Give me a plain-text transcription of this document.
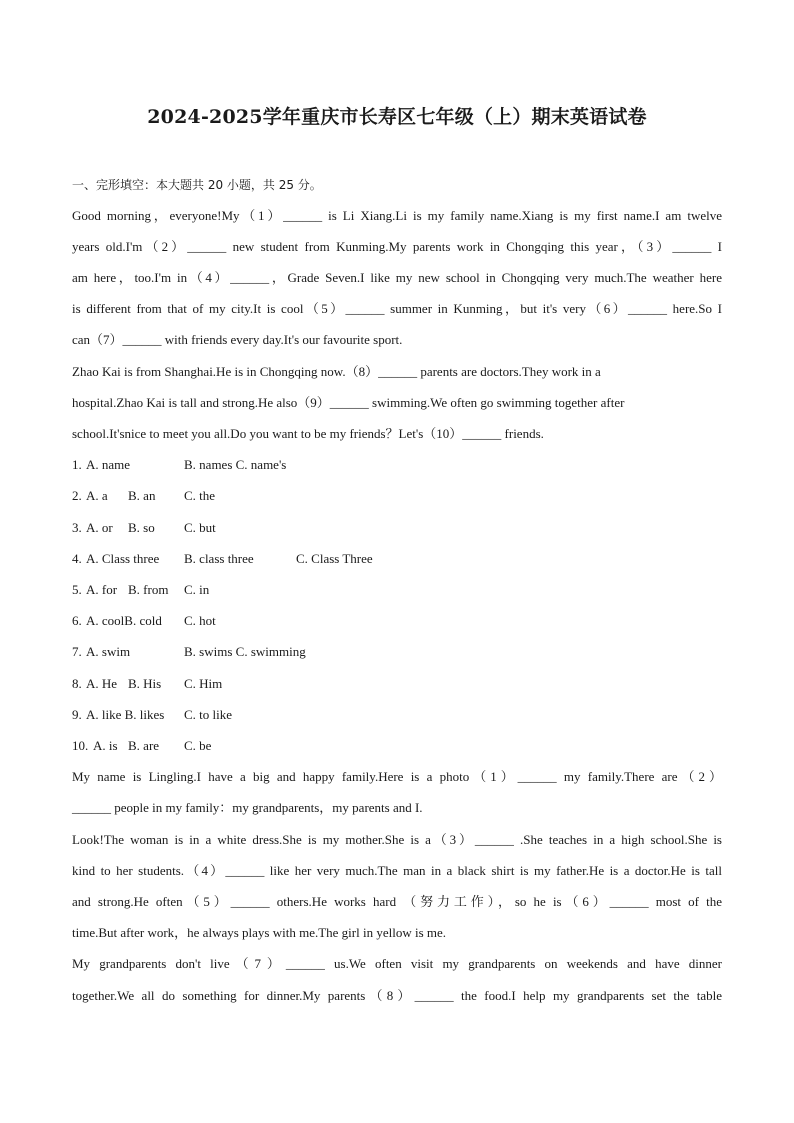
2024-2025学年重庆市长寿区七年级（上）期末英语试卷
一、完形填空：本大题共 20 小题，共 25 分。
Good morning，everyone!My（1）______ is Li Xiang.Li is my family name.Xiang is my first name.I am twelve
years old.I'm（2）______ new student from Kunming.My parents work in Chongqing this year，（3）______ I
am here，too.I'm in（4）______，Grade Seven.I like my new school in Chongqing very much.The weather here
is different from that of my city.It is cool（5）______ summer in Kunming，but it's very（6）______ here.So I
can（7）______ with friends every day.It's our favourite sport.
Zhao Kai is from Shanghai.He is in Chongqing now.（8）______ parents are doctors.They work in a
hospital.Zhao Kai is tall and strong.He also（9）______ swimming.We often go swimming together after
school.It'snice to meet you all.Do you want to be my friends？Let's（10）______ friends.
1. A. name	B. names C. name's
2. A. a B. an C. the
3. A. or B. so C. but
4. A. Class three B. class three	C. Class Three
5. A. for B. from C. in
6. A. coolB. cold C. hot
7. A. swim	B. swims C. swimming
8. A. He B. His C. Him
9. A. like B. likes C. to like
10. A. is B. are C. be
My name is Lingling.I have a big and happy family.Here is a photo（1）______ my family.There are（2）
______ people in my family：my grandparents，my parents and I.
Look!The woman is in a white dress.She is my mother.She is a（3）______ .She teaches in a high school.She is
kind to her students.（4）______ like her very much.The man in a black shirt is my father.He is a doctor.He is tall
and strong.He often（5）______ others.He works hard （努力工作），so he is（6）______ most of the
time.But after work，he always plays with me.The girl in yellow is me.
My grandparents don't live（7）______ us.We often visit my grandparents on weekends and have dinner
together.We all do something for dinner.My parents（8）______ the food.I help my grandparents set the table
